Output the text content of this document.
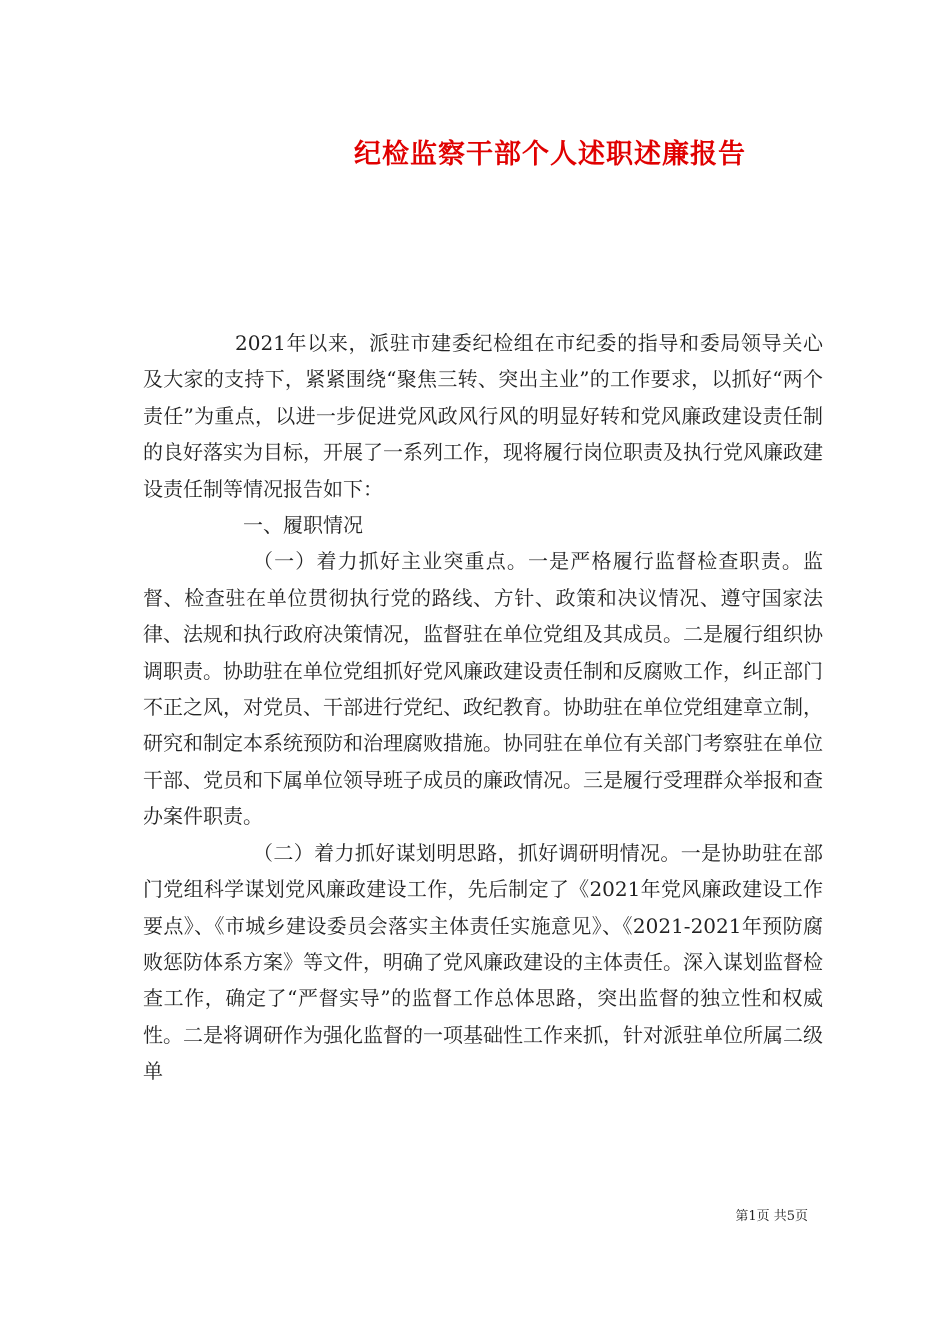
纪检监察干部个人述职述廉报告

2021年以来，派驻市建委纪检组在市纪委的指导和委局领导关心及大家的支持下，紧紧围绕“聚焦三转、突出主业”的工作要求，以抓好“两个责任”为重点，以进一步促进党风政风行风的明显好转和党风廉政建设责任制的良好落实为目标，开展了一系列工作，现将履行岗位职责及执行党风廉政建设责任制等情况报告如下：

一、履职情况

（一）着力抓好主业突重点。一是严格履行监督检查职责。监督、检查驻在单位贯彻执行党的路线、方针、政策和决议情况、遵守国家法律、法规和执行政府决策情况，监督驻在单位党组及其成员。二是履行组织协调职责。协助驻在单位党组抓好党风廉政建设责任制和反腐败工作，纠正部门不正之风，对党员、干部进行党纪、政纪教育。协助驻在单位党组建章立制，研究和制定本系统预防和治理腐败措施。协同驻在单位有关部门考察驻在单位干部、党员和下属单位领导班子成员的廉政情况。三是履行受理群众举报和查办案件职责。

（二）着力抓好谋划明思路，抓好调研明情况。一是协助驻在部门党组科学谋划党风廉政建设工作，先后制定了《2021年党风廉政建设工作要点》、《市城乡建设委员会落实主体责任实施意见》、《2021-2021年预防腐败惩防体系方案》等文件，明确了党风廉政建设的主体责任。深入谋划监督检查工作，确定了“严督实导”的监督工作总体思路，突出监督的独立性和权威性。二是将调研作为强化监督的一项基础性工作来抓，针对派驻单位所属二级单

第1页 共5页
